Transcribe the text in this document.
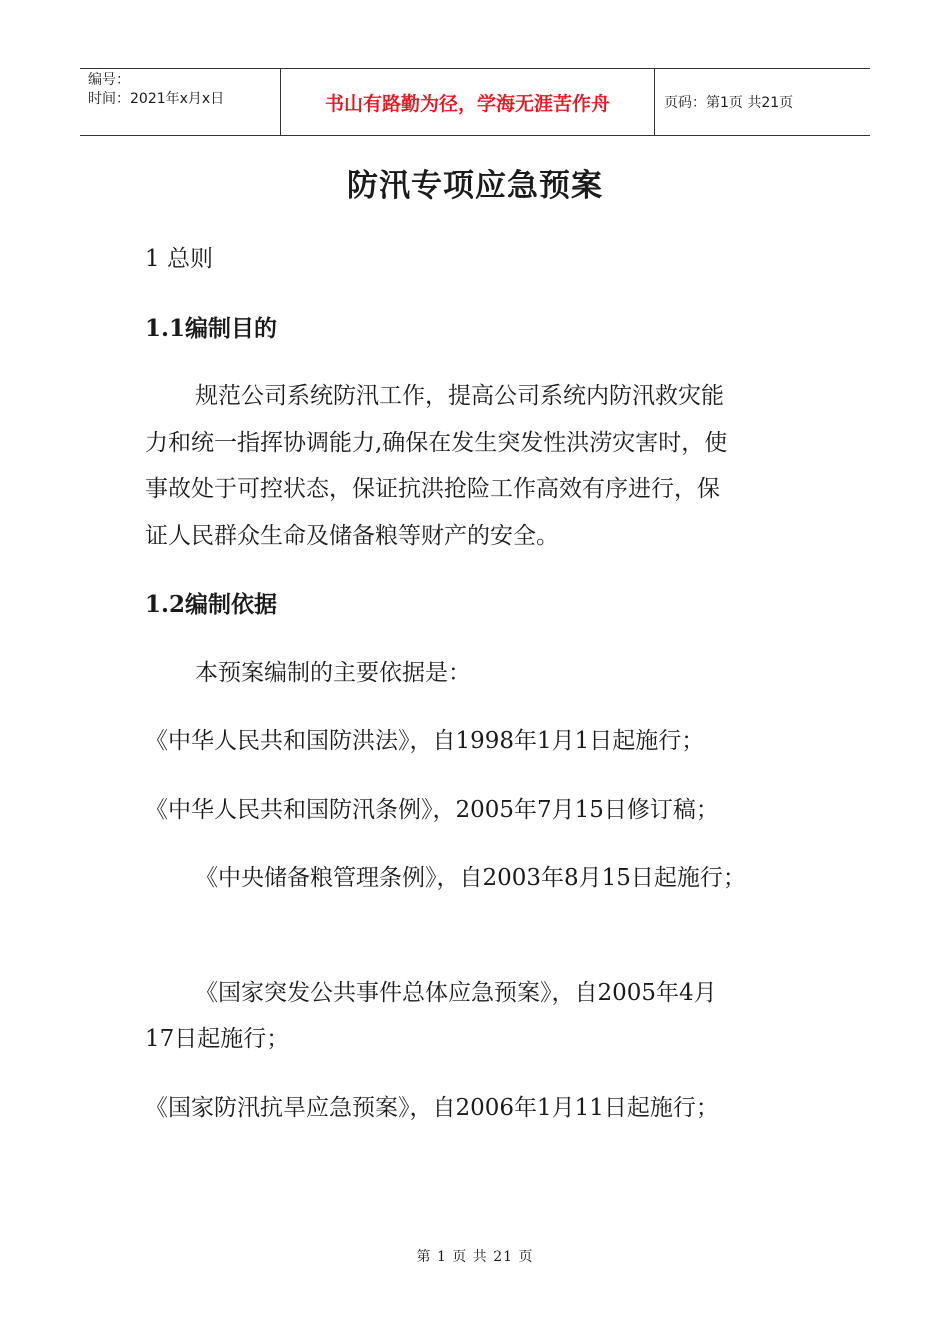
编号：
时间：2021年x月x日	书山有路勤为径，学海无涯苦作舟	页码：第1页 共21页
防汛专项应急预案
1 总则
1.1编制目的
规范公司系统防汛工作，提高公司系统内防汛救灾能
力和统一指挥协调能力,确保在发生突发性洪涝灾害时，使
事故处于可控状态，保证抗洪抢险工作高效有序进行，保
证人民群众生命及储备粮等财产的安全。
1.2编制依据
本预案编制的主要依据是：
《中华人民共和国防洪法》，自1998年1月1日起施行；
《中华人民共和国防汛条例》，2005年7月15日修订稿；
《中央储备粮管理条例》，自2003年8月15日起施行；
《国家突发公共事件总体应急预案》，自2005年4月
17日起施行；
《国家防汛抗旱应急预案》，自2006年1月11日起施行；
第 1 页 共 21 页
